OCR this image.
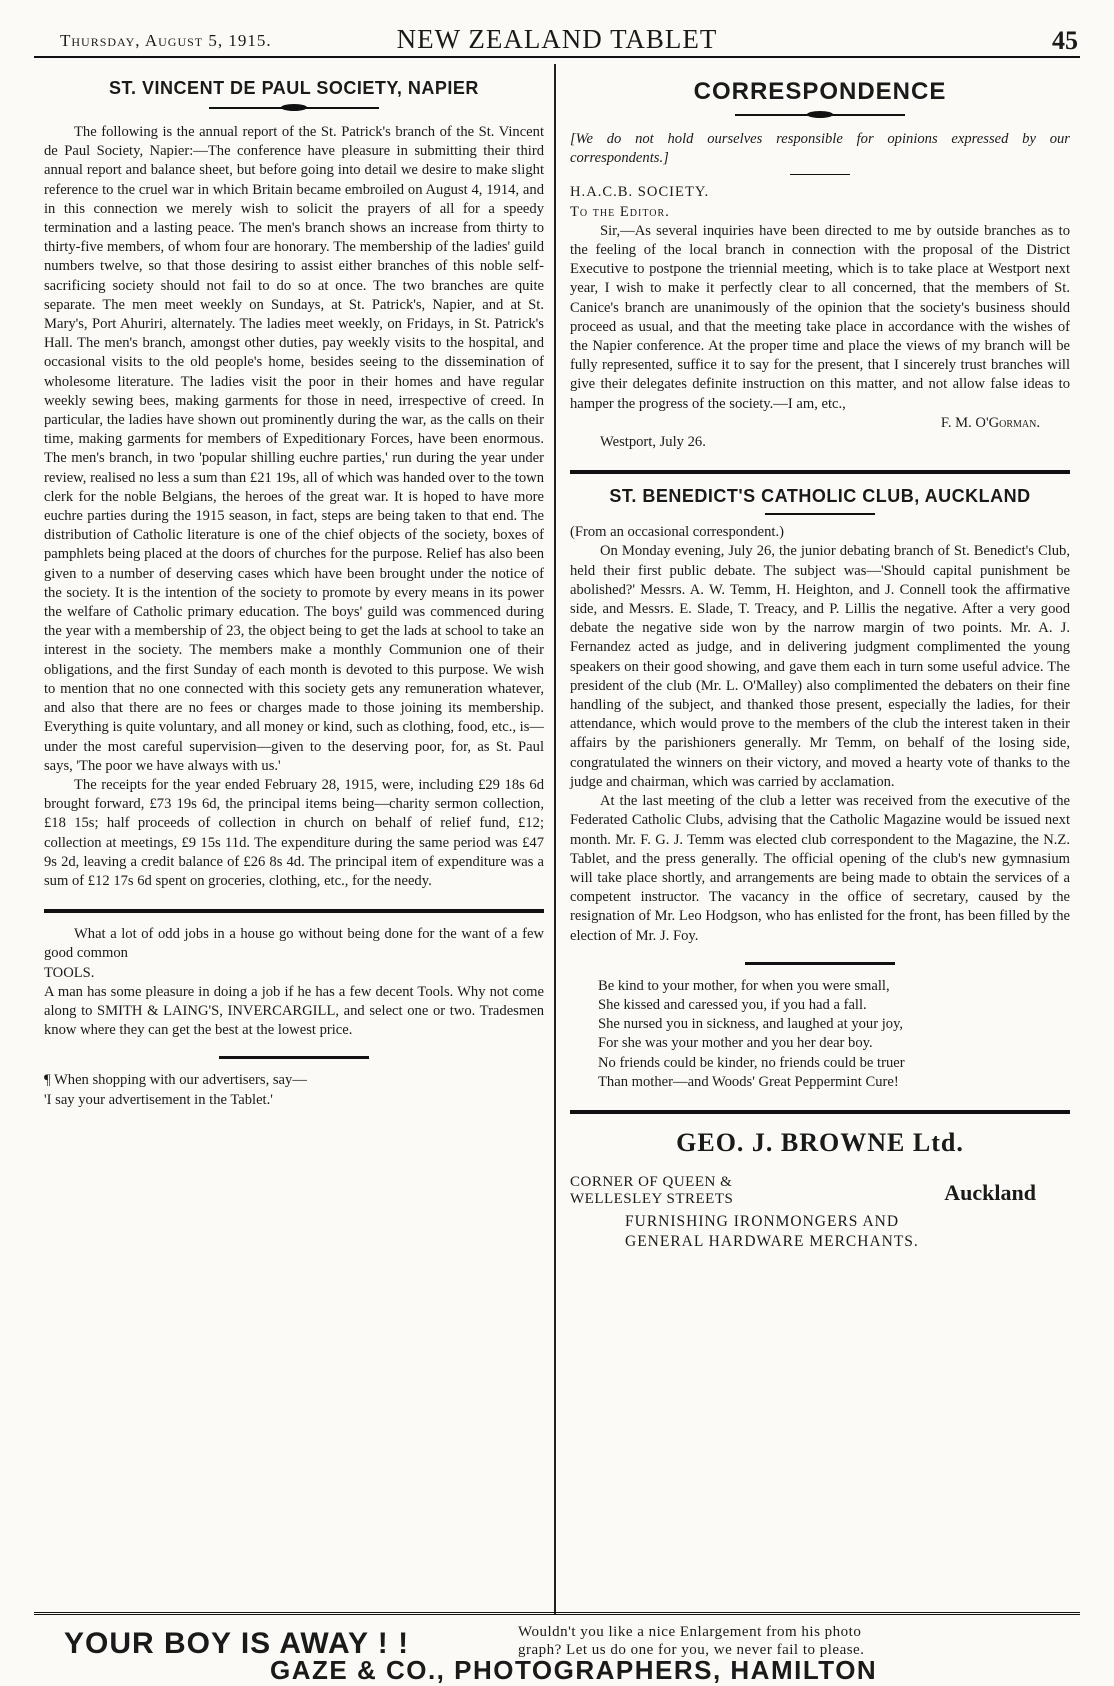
Thursday, August 5, 1915.	NEW ZEALAND TABLET	45
ST. VINCENT DE PAUL SOCIETY, NAPIER

The following is the annual report of the St. Patrick's branch of the St. Vincent de Paul Society, Napier:—The conference have pleasure in submitting their third annual report and balance sheet, but before going into detail we desire to make slight reference to the cruel war in which Britain became embroiled on August 4, 1914, and in this connection we merely wish to solicit the prayers of all for a speedy termination and a lasting peace. The men's branch shows an increase from thirty to thirty-five members, of whom four are honorary. The membership of the ladies' guild numbers twelve, so that those desiring to assist either branches of this noble self-sacrificing society should not fail to do so at once. The two branches are quite separate. The men meet weekly on Sundays, at St. Patrick's, Napier, and at St. Mary's, Port Ahuriri, alternately. The ladies meet weekly, on Fridays, in St. Patrick's Hall. The men's branch, amongst other duties, pay weekly visits to the hospital, and occasional visits to the old people's home, besides seeing to the dissemination of wholesome literature. The ladies visit the poor in their homes and have regular weekly sewing bees, making garments for those in need, irrespective of creed. In particular, the ladies have shown out prominently during the war, as the calls on their time, making garments for members of Expeditionary Forces, have been enormous. The men's branch, in two 'popular shilling euchre parties,' run during the year under review, realised no less a sum than £21 19s, all of which was handed over to the town clerk for the noble Belgians, the heroes of the great war. It is hoped to have more euchre parties during the 1915 season, in fact, steps are being taken to that end. The distribution of Catholic literature is one of the chief objects of the society, boxes of pamphlets being placed at the doors of churches for the purpose. Relief has also been given to a number of deserving cases which have been brought under the notice of the society. It is the intention of the society to promote by every means in its power the welfare of Catholic primary education. The boys' guild was commenced during the year with a membership of 23, the object being to get the lads at school to take an interest in the society. The members make a monthly Communion one of their obligations, and the first Sunday of each month is devoted to this purpose. We wish to mention that no one connected with this society gets any remuneration whatever, and also that there are no fees or charges made to those joining its membership. Everything is quite voluntary, and all money or kind, such as clothing, food, etc., is—under the most careful supervision—given to the deserving poor, for, as St. Paul says, 'The poor we have always with us.'

The receipts for the year ended February 28, 1915, were, including £29 18s 6d brought forward, £73 19s 6d, the principal items being—charity sermon collection, £18 15s; half proceeds of collection in church on behalf of relief fund, £12; collection at meetings, £9 15s 11d. The expenditure during the same period was £47 9s 2d, leaving a credit balance of £26 8s 4d. The principal item of expenditure was a sum of £12 17s 6d spent on groceries, clothing, etc., for the needy.

What a lot of odd jobs in a house go without being done for the want of a few good common

TOOLS.

A man has some pleasure in doing a job if he has a few decent Tools. Why not come along to SMITH & LAING'S, INVERCARGILL, and select one or two. Tradesmen know where they can get the best at the lowest price.

¶ When shopping with our advertisers, say—

'I say your advertisement in the Tablet.'

CORRESPONDENCE

[We do not hold ourselves responsible for opinions expressed by our correspondents.]

H.A.C.B. SOCIETY.

To the Editor.

Sir,—As several inquiries have been directed to me by outside branches as to the feeling of the local branch in connection with the proposal of the District Executive to postpone the triennial meeting, which is to take place at Westport next year, I wish to make it perfectly clear to all concerned, that the members of St. Canice's branch are unanimously of the opinion that the society's business should proceed as usual, and that the meeting take place in accordance with the wishes of the Napier conference. At the proper time and place the views of my branch will be fully represented, suffice it to say for the present, that I sincerely trust branches will give their delegates definite instruction on this matter, and not allow false ideas to hamper the progress of the society.—I am, etc.,

F. M. O'Gorman.

Westport, July 26.

ST. BENEDICT'S CATHOLIC CLUB, AUCKLAND

(From an occasional correspondent.)

On Monday evening, July 26, the junior debating branch of St. Benedict's Club, held their first public debate. The subject was—'Should capital punishment be abolished?' Messrs. A. W. Temm, H. Heighton, and J. Connell took the affirmative side, and Messrs. E. Slade, T. Treacy, and P. Lillis the negative. After a very good debate the negative side won by the narrow margin of two points. Mr. A. J. Fernandez acted as judge, and in delivering judgment complimented the young speakers on their good showing, and gave them each in turn some useful advice. The president of the club (Mr. L. O'Malley) also complimented the debaters on their fine handling of the subject, and thanked those present, especially the ladies, for their attendance, which would prove to the members of the club the interest taken in their affairs by the parishioners generally. Mr Temm, on behalf of the losing side, congratulated the winners on their victory, and moved a hearty vote of thanks to the judge and chairman, which was carried by acclamation.

At the last meeting of the club a letter was received from the executive of the Federated Catholic Clubs, advising that the Catholic Magazine would be issued next month. Mr. F. G. J. Temm was elected club correspondent to the Magazine, the N.Z. Tablet, and the press generally. The official opening of the club's new gymnasium will take place shortly, and arrangements are being made to obtain the services of a competent instructor. The vacancy in the office of secretary, caused by the resignation of Mr. Leo Hodgson, who has enlisted for the front, has been filled by the election of Mr. J. Foy.

Be kind to your mother, for when you were small,

She kissed and caressed you, if you had a fall.

She nursed you in sickness, and laughed at your joy,

For she was your mother and you her dear boy.

No friends could be kinder, no friends could be truer

Than mother—and Woods' Great Peppermint Cure!

GEO. J. BROWNE Ltd.
CORNER OF QUEEN &
WELLESLEY STREETS	Auckland
FURNISHING IRONMONGERS AND
GENERAL HARDWARE MERCHANTS.
YOUR BOY IS AWAY ! !	Wouldn't you like a nice Enlargement from his photo
graph? Let us do one for you, we never fail to please.
GAZE & CO., PHOTOGRAPHERS, HAMILTON
